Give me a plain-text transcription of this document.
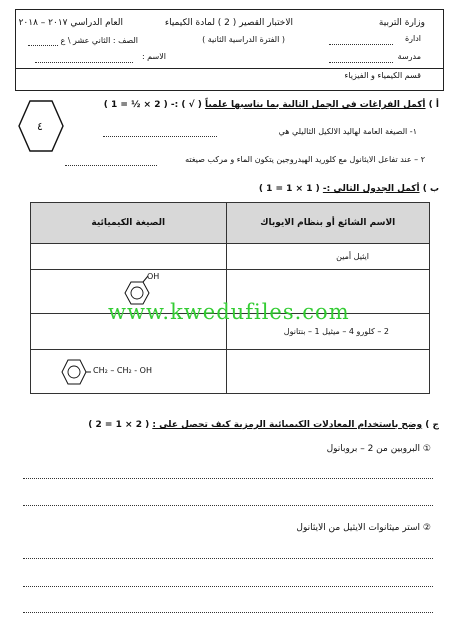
وزارة التربية
ادارة
مدرسة
قسم الكيمياء و الفيزياء
الاختبار القصير ( 2 ) لمادة الكيمياء
( الفترة الدراسية الثانية )
العام الدراسي ٢٠١٧ – ٢٠١٨
الصف : الثاني عشر \ ع
الاسم :
٤
أ ) أكمل الفراغات في الجمل التالية بما يناسبها علمياً ( √ ) :- ( 2 × ½ = 1 )
١- الصيغة العامة لهاليد الالكيل الثاليلي هي
٢ – عند تفاعل الايثانول مع كلوريد الهيدروجين يتكون الماء و مركب صيغته
ب ) أكمل الجدول التالي :- ( 1 × 1 = 1 )
الاسم الشائع أو بنظام الايوباك	الصيغة الكيميائية
ايثيل أمين	

	OH

2 – كلورو 4 – ميثيل 1 – بنتانول	

	CH₂ – CH₂ - OH
www.kwedufiles.com
ج ) وضح باستخدام المعادلات الكيميائية الرمزية كيف تحصل على : ( 2 × 1 = 2 )
① البروبين من 2 – بروبانول
② استر ميثانوات الايثيل من الايثانول
